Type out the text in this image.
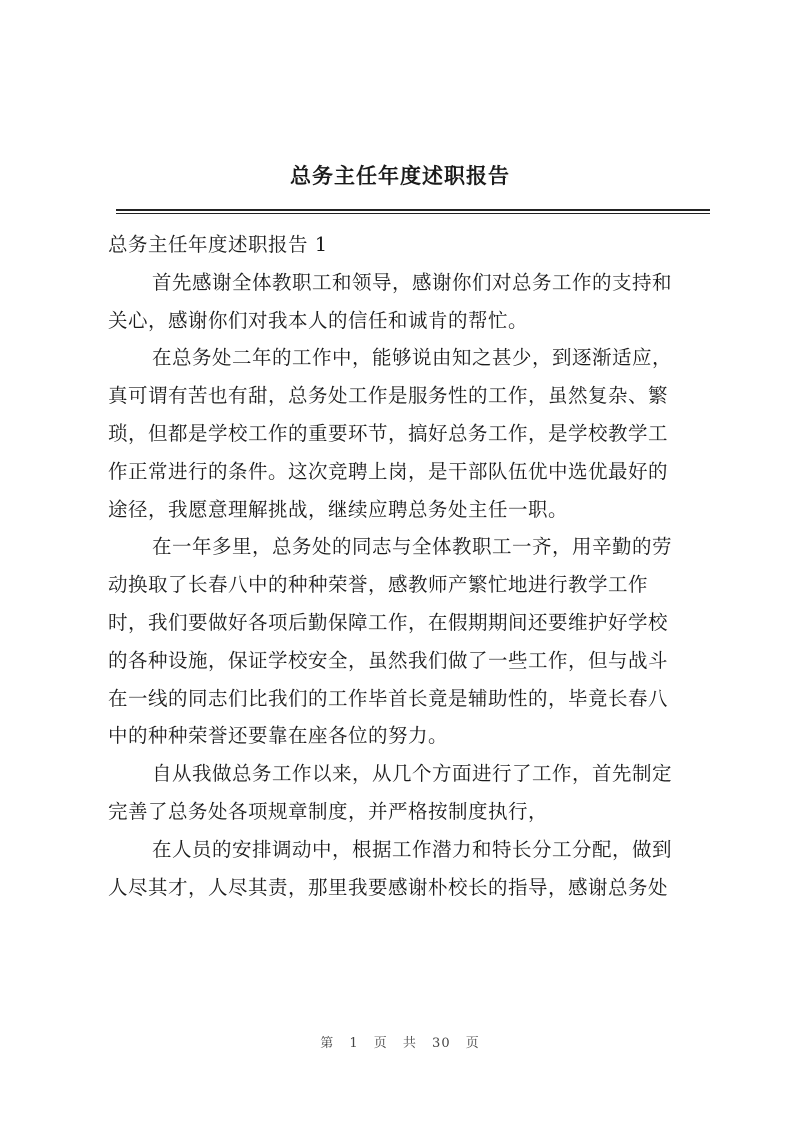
总务主任年度述职报告
总务主任年度述职报告 1
首先感谢全体教职工和领导，感谢你们对总务工作的支持和
关心，感谢你们对我本人的信任和诚肯的帮忙。
在总务处二年的工作中，能够说由知之甚少，到逐渐适应，
真可谓有苦也有甜，总务处工作是服务性的工作，虽然复杂、繁
琐，但都是学校工作的重要环节，搞好总务工作，是学校教学工
作正常进行的条件。这次竞聘上岗，是干部队伍优中选优最好的
途径，我愿意理解挑战，继续应聘总务处主任一职。
在一年多里，总务处的同志与全体教职工一齐，用辛勤的劳
动换取了长春八中的种种荣誉，感教师产繁忙地进行教学工作
时，我们要做好各项后勤保障工作，在假期期间还要维护好学校
的各种设施，保证学校安全，虽然我们做了一些工作，但与战斗
在一线的同志们比我们的工作毕首长竟是辅助性的，毕竟长春八
中的种种荣誉还要靠在座各位的努力。
自从我做总务工作以来，从几个方面进行了工作，首先制定
完善了总务处各项规章制度，并严格按制度执行，
在人员的安排调动中，根据工作潜力和特长分工分配，做到
人尽其才，人尽其责，那里我要感谢朴校长的指导，感谢总务处
第 1 页 共 30 页
